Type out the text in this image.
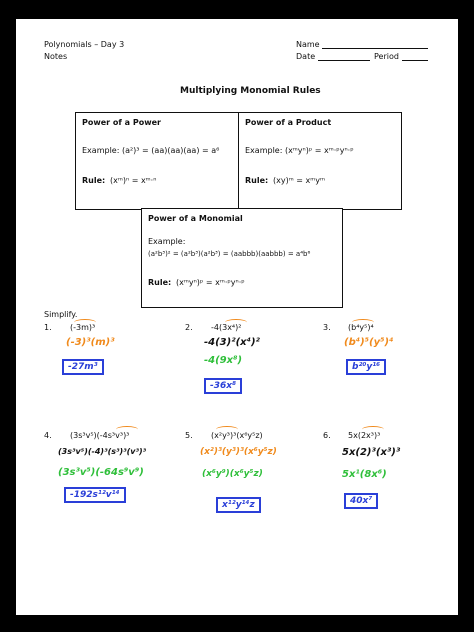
Polynomials – Day 3
Notes
Name
Date	Period
Multiplying Monomial Rules
Power of a Power
Example: (a²)³ = (aa)(aa)(aa) = a⁶
Rule: (xᵐ)ⁿ = xᵐ·ⁿ
Power of a Product
Example: (xᵐyⁿ)ᵖ = xᵐ·ᵖyⁿ·ᵖ
Rule: (xy)ᵐ = xᵐyᵐ
Power of a Monomial
Example:
(a²b³)² = (a²b³)(a²b³) = (aabbb)(aabbb) = a⁴b⁶
Rule: (xᵐyⁿ)ᵖ = xᵐ·ᵖyⁿ·ᵖ
Simplify.
1. (-3m)³
(-3)³(m)³
-27m³
2. -4(3x⁴)²
-4(3)²(x⁴)²
-4(9x⁸)
-36x⁸
3. (b⁴y⁵)⁴
(b⁴)⁵(y⁵)⁴
b²⁰y¹⁶
4. (3s³v⁵)(-4s³v³)³
(3s³v⁵)(-4)³(s³)³(v³)³
(3s³v⁵)(-64s⁹v⁹)
-192s¹²v¹⁴
5. (x²y³)³(x⁶y⁵z)
(x²)³(y³)³(x⁶y⁵z)
(x⁶y⁹)(x⁶y⁵z)
x¹²y¹⁴z
6. 5x(2x³)³
5x(2)³(x³)³
5x¹(8x⁶)
40x⁷
